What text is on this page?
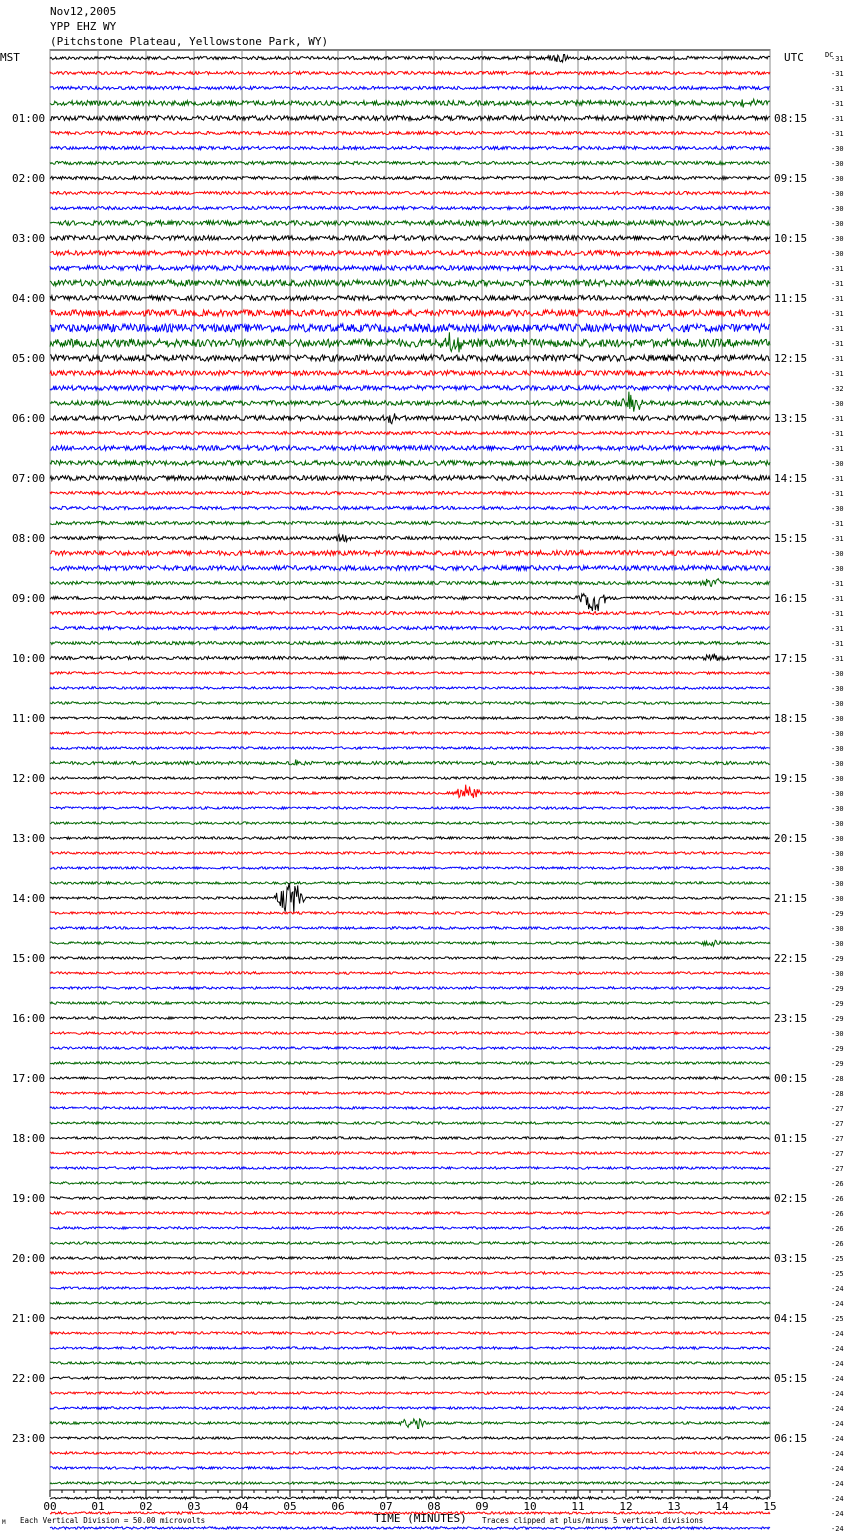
Nov12,2005
YPP EHZ WY
(Pitchstone Plateau, Yellowstone Park, WY)
01:00
02:00
03:00
04:00
05:00
06:00
07:00
08:00
09:00
10:00
11:00
12:00
13:00
14:00
15:00
16:00
17:00
18:00
19:00
20:00
21:00
22:00
23:00
08:15
09:15
10:15
11:15
12:15
13:15
14:15
15:15
16:15
17:15
18:15
19:15
20:15
21:15
22:15
23:15
00:15
01:15
02:15
03:15
04:15
05:15
06:15
-31
-31
-31
-31
-31
-31
-30
-30
-30
-30
-30
-30
-30
-30
-31
-31
-31
-31
-31
-31
-31
-31
-32
-30
-31
-31
-31
-30
-31
-31
-30
-31
-31
-30
-30
-31
-31
-31
-31
-31
-31
-30
-30
-30
-30
-30
-30
-30
-30
-30
-30
-30
-30
-30
-30
-30
-30
-29
-30
-30
-29
-30
-29
-29
-29
-30
-29
-29
-28
-28
-27
-27
-27
-27
-27
-26
-26
-26
-26
-26
-25
-25
-24
-24
-25
-24
-24
-24
-24
-24
-24
-24
-24
-24
-24
-24
-24
-24
-24
00	01	02	03	04	05	06	07	08	09	10	11	12	13	14	15
MST	UTC	DC
TIME (MINUTES)
Each Vertical Division = 50.00 microvolts	Traces clipped at plus/minus 5 vertical divisions
M
